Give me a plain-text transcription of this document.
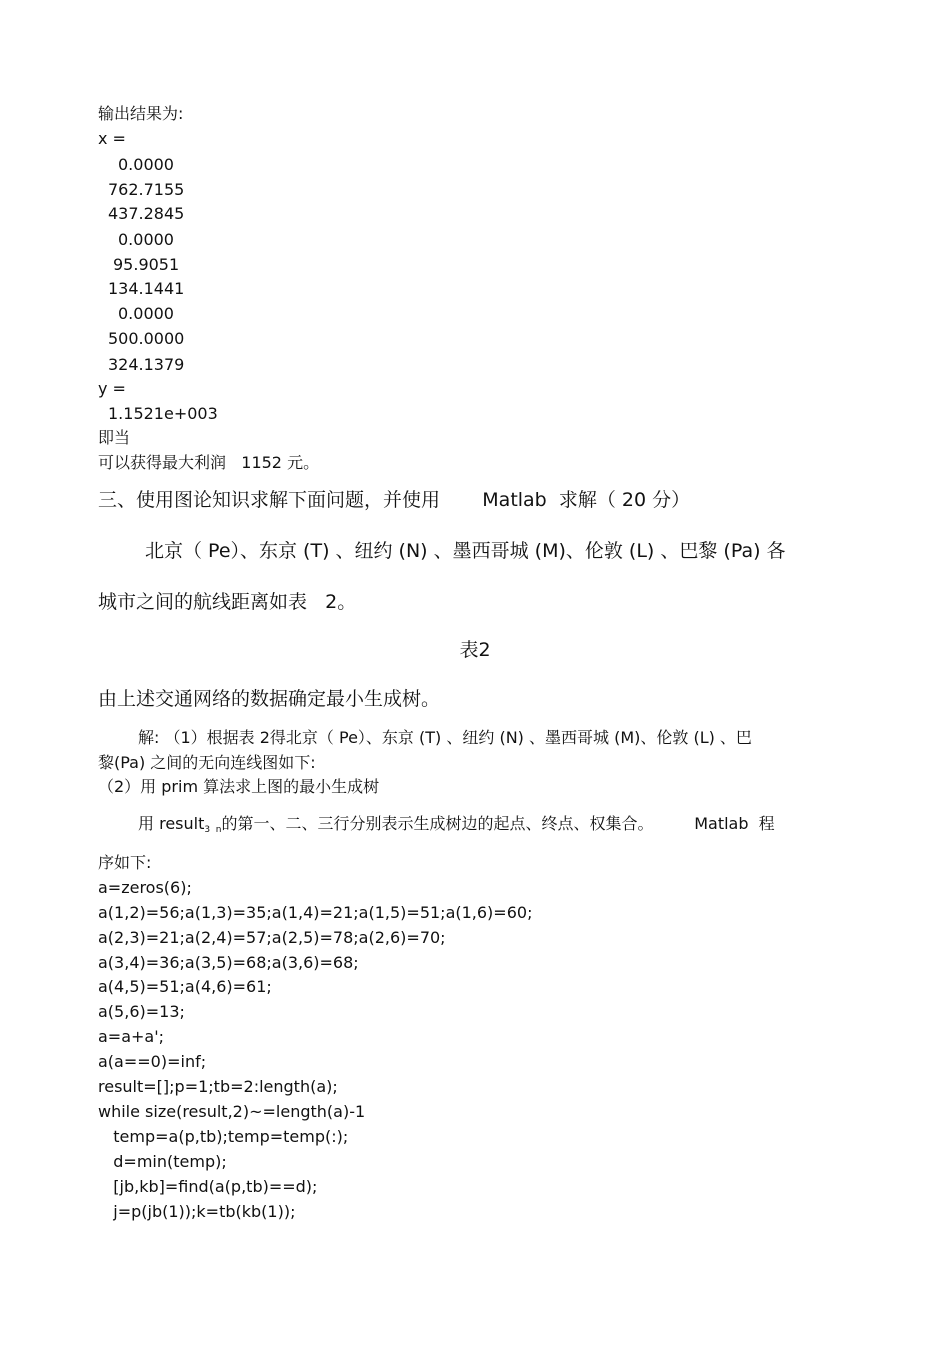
输出结果为:
x =
0.0000
762.7155
437.2845
0.0000
95.9051
134.1441
0.0000
500.0000
324.1379
y =
1.1521e+003
即当
可以获得最大利润   1152 元。
三、使用图论知识求解下面问题，并使用       Matlab  求解（ 20 分）
北京（ Pe）、东京 (T) 、纽约 (N) 、墨西哥城 (M)、伦敦 (L) 、巴黎 (Pa) 各
城市之间的航线距离如表   2。
表2
由上述交通网络的数据确定最小生成树。
解: （1）根据表 2得北京（ Pe）、东京 (T) 、纽约 (N) 、墨西哥城 (M)、伦敦 (L) 、巴
黎(Pa) 之间的无向连线图如下:
（2）用 prim 算法求上图的最小生成树
用 result$_{3 n}$的第一、二、三行分别表示生成树边的起点、终点、权集合。        Matlab  程
序如下:
a=zeros(6);
a(1,2)=56;a(1,3)=35;a(1,4)=21;a(1,5)=51;a(1,6)=60;
a(2,3)=21;a(2,4)=57;a(2,5)=78;a(2,6)=70;
a(3,4)=36;a(3,5)=68;a(3,6)=68;
a(4,5)=51;a(4,6)=61;
a(5,6)=13;
a=a+a';
a(a==0)=inf;
result=[];p=1;tb=2:length(a);
while size(result,2)~=length(a)-1
temp=a(p,tb);temp=temp(:);
d=min(temp);
[jb,kb]=find(a(p,tb)==d);
j=p(jb(1));k=tb(kb(1));
